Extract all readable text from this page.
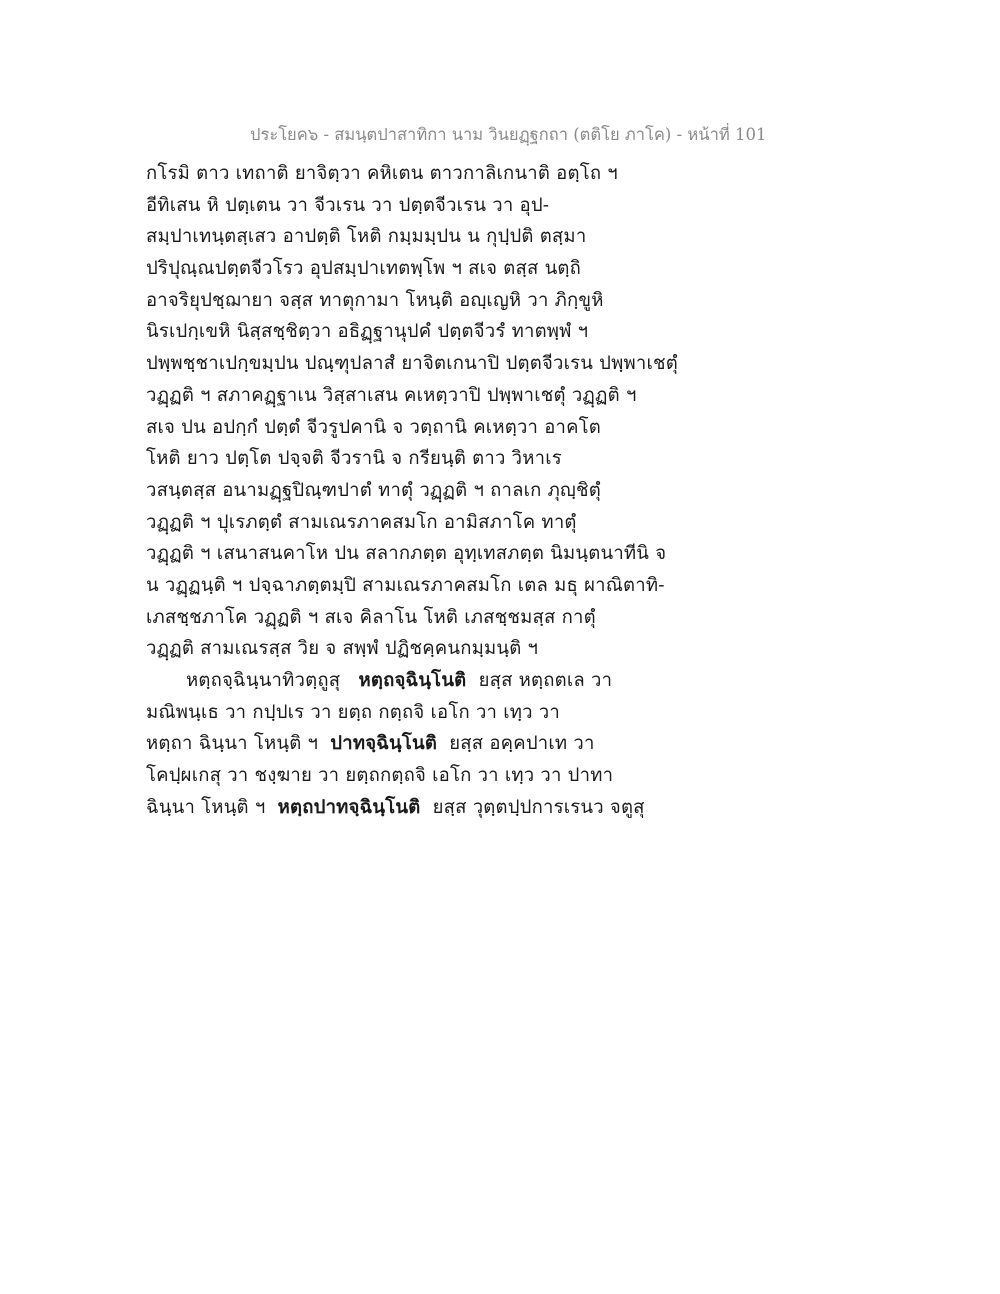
ประโยค๖ - สมนฺตปาสาทิกา นาม วินยฏฺฐกถา (ตติโย ภาโค) - หน้าที่ 101
กโรมิ ตาว เทถาติ ยาจิตฺวา คหิเตน ตาวกาลิเกนาติ อตฺโถ ฯ
อีทิเสน หิ ปตฺเตน วา จีวเรน วา ปตฺตจีวเรน วา อุป-
สมฺปาเทนฺตสฺเสว อาปตฺติ โหติ กมฺมมฺปน น กุปฺปติ ตสฺมา
ปริปุณฺณปตฺตจีวโรว อุปสมฺปาเทตพฺโพ ฯ สเจ ตสฺส นตฺถิ
อาจริยุปชฺฌายา จสฺส ทาตุกามา โหนฺติ อญฺเญหิ วา ภิกฺขูหิ
นิรเปกฺเขหิ นิสฺสชฺชิตฺวา อธิฏฺฐานุปคํ ปตฺตจีวรํ ทาตพฺพํ ฯ
ปพฺพชฺชาเปกฺขมฺปน ปณฺฑุปลาสํ ยาจิตเกนาปิ ปตฺตจีวเรน ปพฺพาเชตุํ
วฏฺฏติ ฯ สภาคฏฺฐาเน วิสฺสาเสน คเหตฺวาปิ ปพฺพาเชตุํ วฏฺฏติ ฯ
สเจ ปน อปกฺกํ ปตฺตํ จีวรูปคานิ จ วตฺถานิ คเหตฺวา อาคโต
โหติ ยาว ปตฺโต ปจฺจติ จีวรานิ จ กรียนฺติ ตาว วิหาเร
วสนฺตสฺส อนามฏฺฐปิณฺฑปาตํ ทาตุํ วฏฺฏติ ฯ ถาลเก ภุญฺชิตุํ
วฏฺฏติ ฯ ปุเรภตฺตํ สามเณรภาคสมโก อามิสภาโค ทาตุํ
วฏฺฏติ ฯ เสนาสนคาโห ปน สลากภตฺต อุทฺเทสภตฺต นิมนฺตนาทีนิ จ
น วฏฺฏนฺติ ฯ ปจฺฉาภตฺตมฺปิ สามเณรภาคสมโก เตล มธุ ผาณิตาทิ-
เภสชฺชภาโค วฏฺฏติ ฯ สเจ คิลาโน โหติ เภสชฺชมสฺส กาตุํ
วฏฺฏติ สามเณรสฺส วิย จ สพฺพํ ปฏิชคฺคนกมฺมนฺติ ฯ
หตฺถจฺฉินฺนาทิวตฺถูสุ หตฺถจฺฉินฺโนติ ยสฺส หตฺถตเล วา
มณิพนฺเธ วา กปฺปเร วา ยตฺถ กตฺถจิ เอโก วา เทฺว วา
หตฺถา ฉินฺนา โหนฺติ ฯ ปาทจฺฉินฺโนติ ยสฺส อคฺคปาเท วา
โคปฺผเกสุ วา ชงฺฆาย วา ยตฺถกตฺถจิ เอโก วา เทฺว วา ปาทา
ฉินฺนา โหนฺติ ฯ หตฺถปาทจฺฉินฺโนติ ยสฺส วุตฺตปฺปการเรนว จตูสุ
